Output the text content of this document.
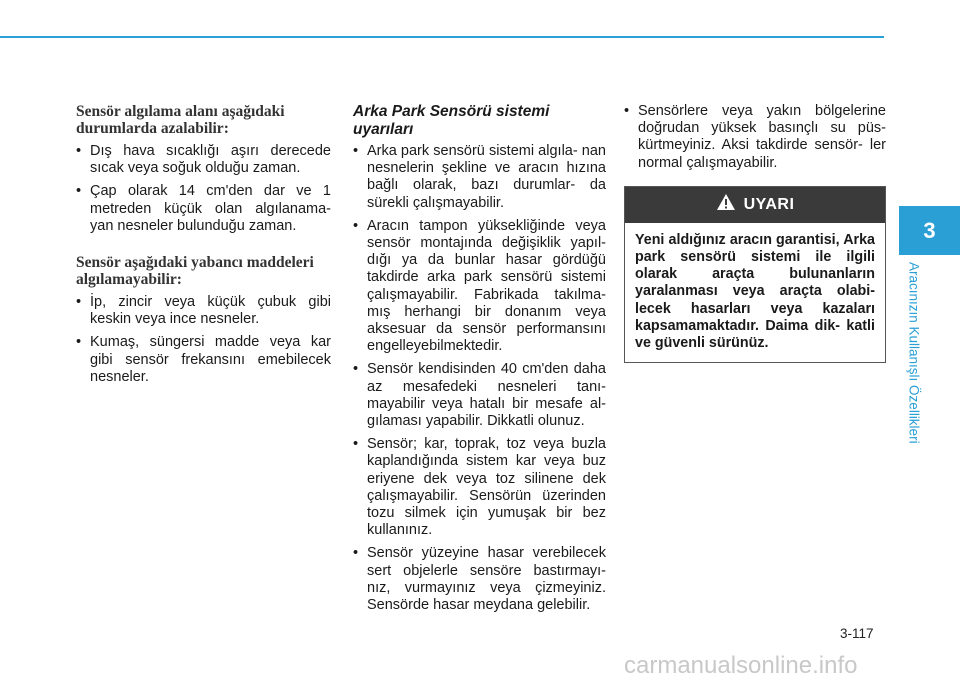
Sensör algılama alanı aşağıdaki durumlarda azalabilir:

• Dış hava sıcaklığı aşırı derecede sıcak veya soğuk olduğu zaman.
• Çap olarak 14 cm'den dar ve 1 metreden küçük olan algılanama- yan nesneler bulunduğu zaman.

Sensör aşağıdaki yabancı maddeleri algılamayabilir:

• İp, zincir veya küçük çubuk gibi keskin veya ince nesneler.
• Kumaş, süngersi madde veya kar gibi sensör frekansını emebilecek nesneler.

Arka Park Sensörü sistemi uyarıları

• Arka park sensörü sistemi algıla- nan nesnelerin şekline ve aracın hızına bağlı olarak, bazı durumlar- da sürekli çalışmayabilir.
• Aracın tampon yüksekliğinde veya sensör montajında değişiklik yapıl- dığı ya da bunlar hasar gördüğü takdirde arka park sensörü sistemi çalışmayabilir. Fabrikada takılma- mış herhangi bir donanım veya aksesuar da sensör performansını engelleyebilmektedir.
• Sensör kendisinden 40 cm'den daha az mesafedeki nesneleri tanı- mayabilir veya hatalı bir mesafe al- gılaması yapabilir. Dikkatli olunuz.
• Sensör; kar, toprak, toz veya buzla kaplandığında sistem kar veya buz eriyene dek veya toz silinene dek çalışmayabilir. Sensörün üzerinden tozu silmek için yumuşak bir bez kullanınız.
• Sensör yüzeyine hasar verebilecek sert objelerle sensöre bastırmayı- nız, vurmayınız veya çizmeyiniz. Sensörde hasar meydana gelebilir.
• Sensörlere veya yakın bölgelerine doğrudan yüksek basınçlı su püs- kürtmeyiniz. Aksi takdirde sensör- ler normal çalışmayabilir.
UYARI
Yeni aldığınız aracın garantisi, Arka park sensörü sistemi ile ilgili olarak araçta bulunanların yaralanması veya araçta olabi- lecek hasarları veya kazaları kapsamamaktadır. Daima dik- katli ve güvenli sürünüz.
3
Aracınızın Kullanışlı Özellikleri
3-117
carmanualsonline.info
